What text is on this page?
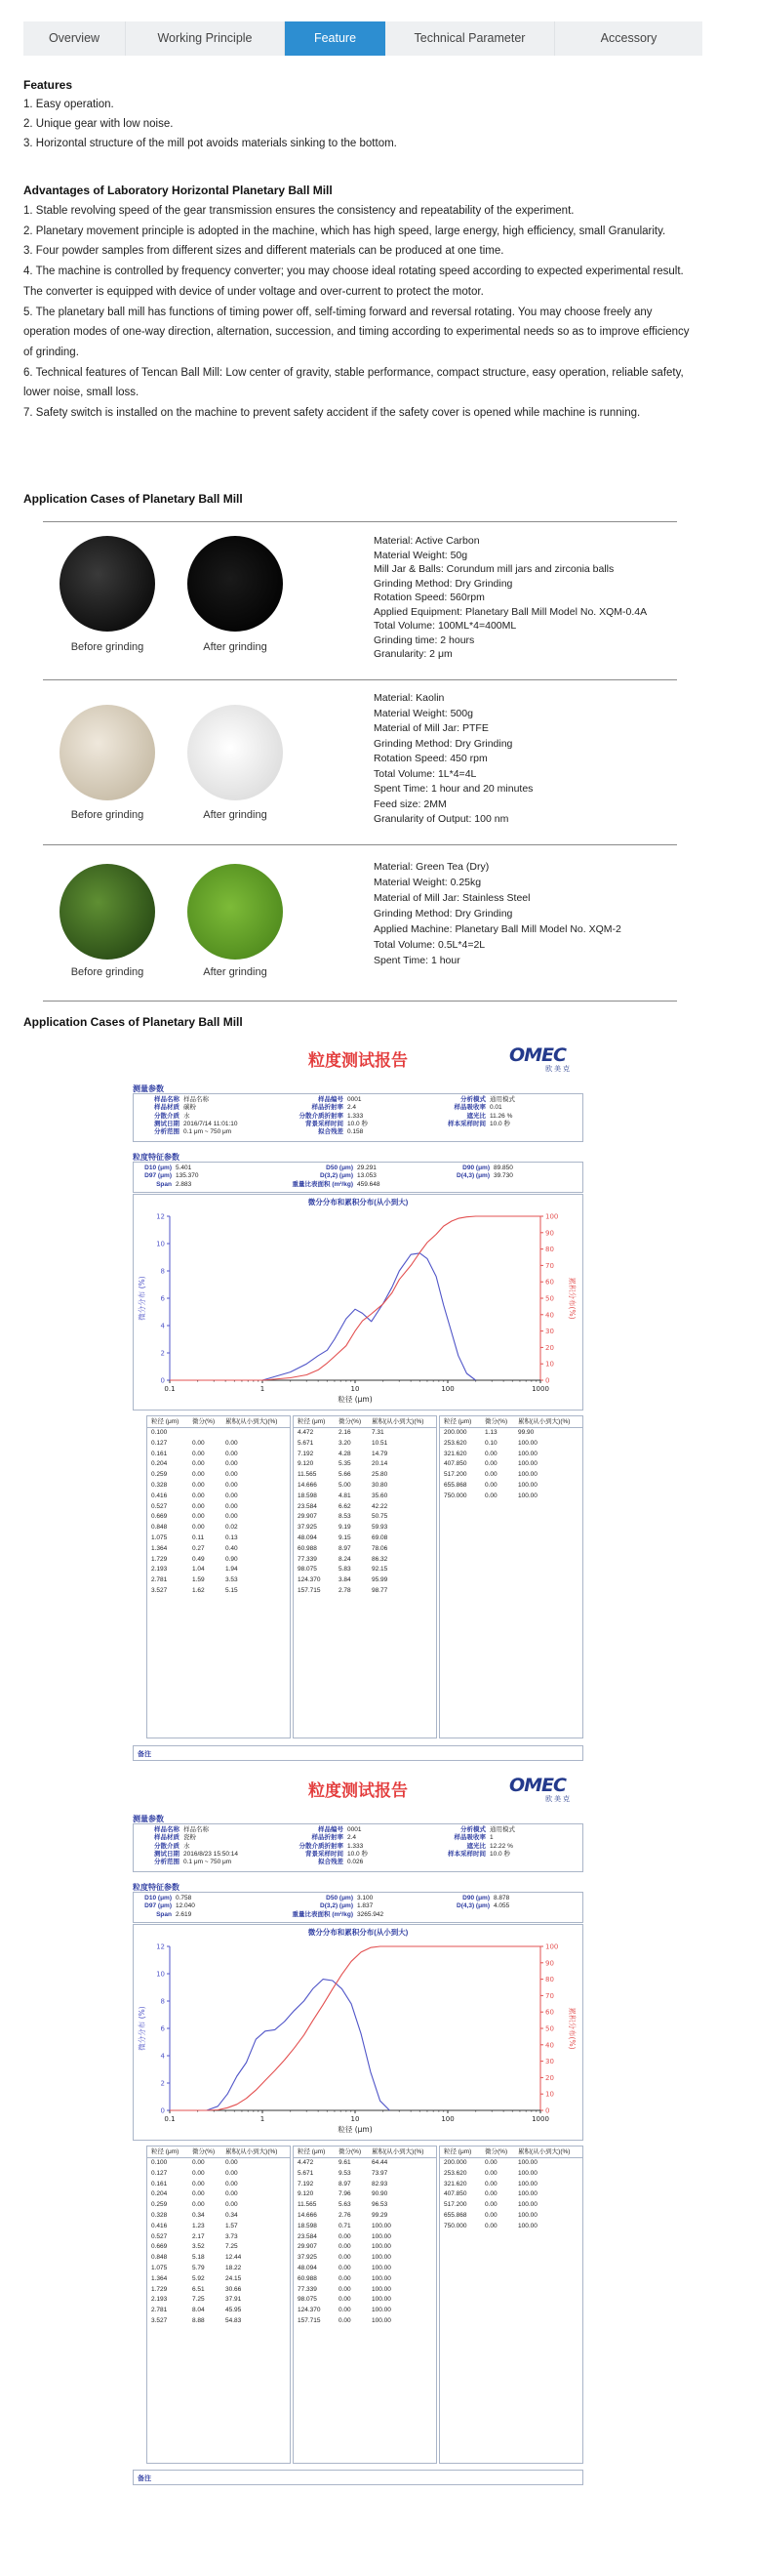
Overview	Working Principle	Feature	Technical Parameter	Accessory
Features
1. Easy operation.
2. Unique gear with low noise.
3. Horizontal structure of the mill pot avoids materials sinking to the bottom.
Advantages of Laboratory Horizontal Planetary Ball Mill
1. Stable revolving speed of the gear transmission ensures the consistency and repeatability of the experiment.
2. Planetary movement principle is adopted in the machine, which has high speed, large energy, high efficiency, small Granularity.
3. Four powder samples from different sizes and different materials can be produced at one time.
4. The machine is controlled by frequency converter; you may choose ideal rotating speed according to expected experimental result. The converter is equipped with device of under voltage and over-current to protect the motor.
5. The planetary ball mill has functions of timing power off, self-timing forward and reversal rotating. You may choose freely any operation modes of one-way direction, alternation, succession, and timing according to experimental needs so as to improve efficiency of grinding.
6. Technical features of Tencan Ball Mill: Low center of gravity, stable performance, compact structure, easy operation, reliable safety, lower noise, small loss.
7. Safety switch is installed on the machine to prevent safety accident if the safety cover is opened while machine is running.
Application Cases of Planetary Ball Mill
Before grinding	After grinding
Material: Active Carbon
Material Weight: 50g
Mill Jar & Balls: Corundum mill jars and zirconia balls
Grinding Method: Dry Grinding
Rotation Speed: 560rpm
Applied Equipment: Planetary Ball Mill Model No. XQM-0.4A
Total Volume: 100ML*4=400ML
Grinding time: 2 hours
Granularity: 2 μm
Before grinding	After grinding
Material: Kaolin
Material Weight: 500g
Material of Mill Jar: PTFE
Grinding Method: Dry Grinding
Rotation Speed: 450 rpm
Total Volume: 1L*4=4L
Spent Time: 1 hour and 20 minutes
Feed size: 2MM
Granularity of Output: 100 nm
Before grinding	After grinding
Material: Green Tea (Dry)
Material Weight: 0.25kg
Material of Mill Jar: Stainless Steel
Grinding Method: Dry Grinding
Applied Machine: Planetary Ball Mill Model No. XQM-2
Total Volume: 0.5L*4=2L
Spent Time: 1 hour
Application Cases of Planetary Ball Mill
粒度测试报告	OMEC
欧 美 克
测量参数
粒度特征参数
微分分布和累积分布(从小到大)
0
2
4
6
8
10
12
0
10
20
30
40
50
60
70
80
90
100
0.1	1	10	100	1000
粒径 (μm)
微分分布 (%)	累积分布(%)
备注
样品名称 样品名称
样品材质 碳粉
分散介质 水
测试日期 2016/7/14 11:01:10
分析范围 0.1 μm ~ 750 μm
样品编号 0001
样品折射率 2.4
分散介质折射率 1.333
背景采样时间 10.0 秒
拟合残差 0.158
分析模式 通用模式
样品吸收率 0.01
遮光比 11.26 %
样本采样时间 10.0 秒

D10 (μm) 5.401
D97 (μm) 135.370
Span 2.883
D50 (μm) 29.291
D(3,2) (μm) 13.053
重量比表面积 (m²/kg) 459.648
D90 (μm) 89.850
D(4,3) (μm) 39.730

粒径 (μm) 微分(%) 累积(从小到大)(%)
0.100
0.127	0.00	0.00
0.161	0.00	0.00
0.204	0.00	0.00
0.259	0.00	0.00
0.328	0.00	0.00
0.416	0.00	0.00
0.527	0.00	0.00
0.669	0.00	0.00
0.848	0.00	0.02
1.075	0.11	0.13
1.364	0.27	0.40
1.729	0.49	0.90
2.193	1.04	1.94
2.781	1.59	3.53
3.527	1.62	5.15
粒径 (μm) 微分(%) 累积(从小到大)(%)
4.472	2.16	7.31
5.671	3.20	10.51
7.192	4.28	14.79
9.120	5.35	20.14
11.565	5.66	25.80
14.666	5.00	30.80
18.598	4.81	35.60
23.584	6.62	42.22
29.907	8.53	50.75
37.925	9.19	59.93
48.094	9.15	69.08
60.988	8.97	78.06
77.339	8.24	86.32
98.075	5.83	92.15
124.370	3.84	95.99
157.715	2.78	98.77
粒径 (μm) 微分(%) 累积(从小到大)(%)
200.000	1.13	99.90
253.620	0.10	100.00
321.620	0.00	100.00
407.850	0.00	100.00
517.200	0.00	100.00
655.868	0.00	100.00
750.000	0.00	100.00
粒度测试报告	OMEC
欧 美 克
测量参数
粒度特征参数
微分分布和累积分布(从小到大)
0
2
4
6
8
10
12
0
10
20
30
40
50
60
70
80
90
100
0.1	1	10	100	1000
粒径 (μm)
微分分布 (%)	累积分布(%)
备注
样品名称 样品名称
样品材质 瓷粉
分散介质 水
测试日期 2016/8/23 15:50:14
分析范围 0.1 μm ~ 750 μm
样品编号 0001
样品折射率 2.4
分散介质折射率 1.333
背景采样时间 10.0 秒
拟合残差 0.026
分析模式 通用模式
样品吸收率 1
遮光比 12.22 %
样本采样时间 10.0 秒

D10 (μm) 0.758
D97 (μm) 12.040
Span 2.619
D50 (μm) 3.100
D(3,2) (μm) 1.837
重量比表面积 (m²/kg) 3265.942
D90 (μm) 8.878
D(4,3) (μm) 4.055

粒径 (μm) 微分(%) 累积(从小到大)(%)
0.100	0.00	0.00
0.127	0.00	0.00
0.161	0.00	0.00
0.204	0.00	0.00
0.259	0.00	0.00
0.328	0.34	0.34
0.416	1.23	1.57
0.527	2.17	3.73
0.669	3.52	7.25
0.848	5.18	12.44
1.075	5.79	18.22
1.364	5.92	24.15
1.729	6.51	30.66
2.193	7.25	37.91
2.781	8.04	45.95
3.527	8.88	54.83
粒径 (μm) 微分(%) 累积(从小到大)(%)
4.472	9.61	64.44
5.671	9.53	73.97
7.192	8.97	82.93
9.120	7.96	90.90
11.565	5.63	96.53
14.666	2.76	99.29
18.598	0.71	100.00
23.584	0.00	100.00
29.907	0.00	100.00
37.925	0.00	100.00
48.094	0.00	100.00
60.988	0.00	100.00
77.339	0.00	100.00
98.075	0.00	100.00
124.370	0.00	100.00
157.715	0.00	100.00
粒径 (μm) 微分(%) 累积(从小到大)(%)
200.000	0.00	100.00
253.620	0.00	100.00
321.620	0.00	100.00
407.850	0.00	100.00
517.200	0.00	100.00
655.868	0.00	100.00
750.000	0.00	100.00
